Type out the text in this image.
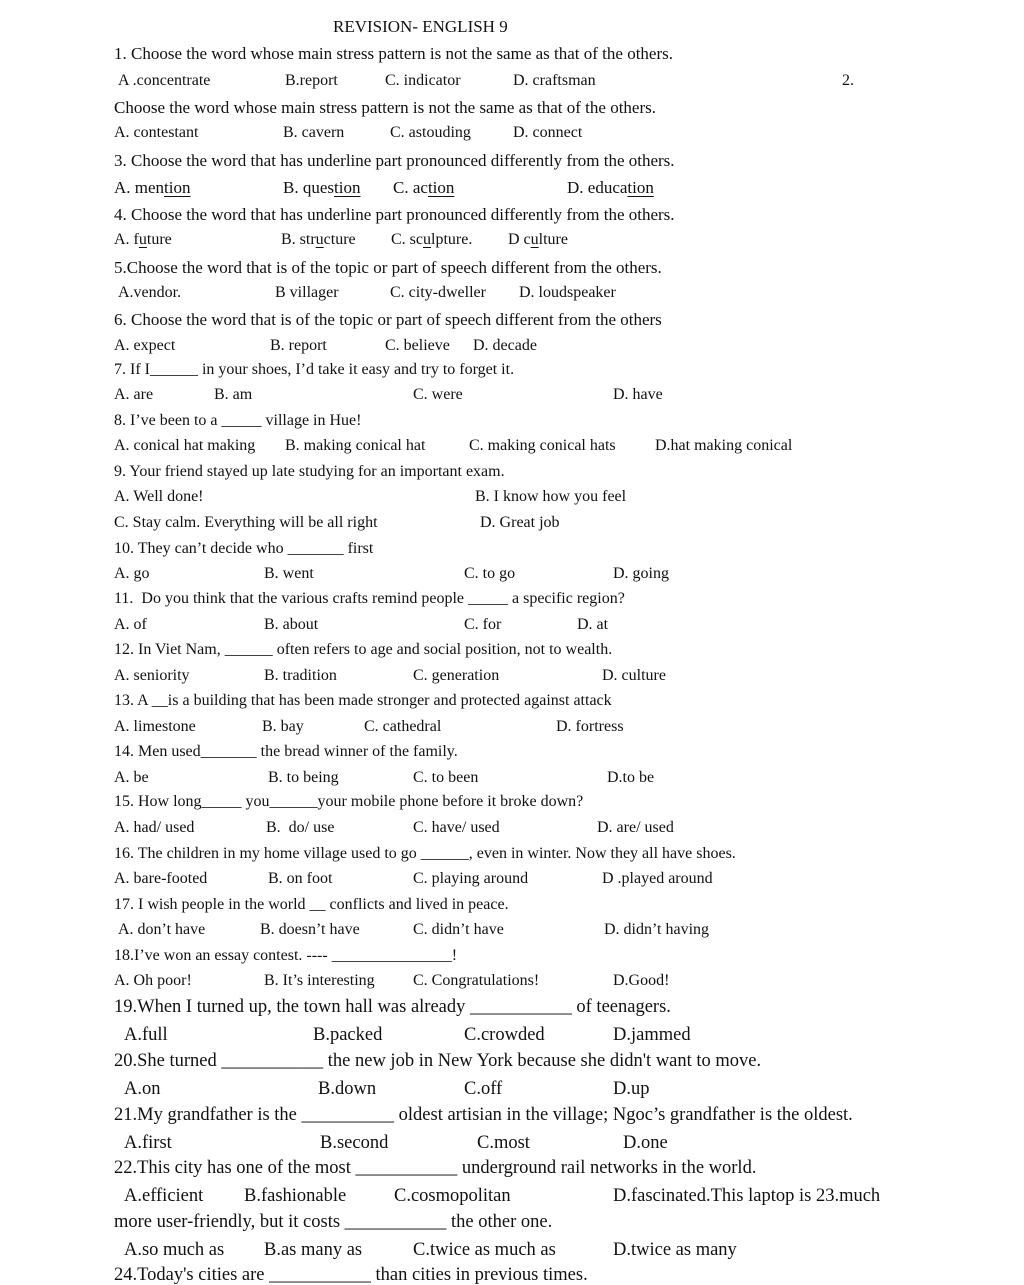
REVISION- ENGLISH 9
1. Choose the word whose main stress pattern is not the same as that of the others.
A .concentrate	B.report	C. indicator	D. craftsman	2.
Choose the word whose main stress pattern is not the same as that of the others.
A. contestant	B. cavern	C. astouding	D. connect
3. Choose the word that has underline part pronounced differently from the others.
A. mention	B. question C. action	D. education
4. Choose the word that has underline part pronounced differently from the others.
A. future	B. structure C. sculpture. D culture
5.Choose the word that is of the topic or part of speech different from the others.
A.vendor.	B villager	C. city-dweller D. loudspeaker
6. Choose the word that is of the topic or part of speech different from the others
A. expect	B. report	C. believe D. decade
7. If I______ in your shoes, I’d take it easy and try to forget it.
A. are	B. am	C. were	D. have
8. I’ve been to a _____ village in Hue!
A. conical hat making B. making conical hat	C. making conical hats D.hat making conical
9. Your friend stayed up late studying for an important exam.
A. Well done!	B. I know how you feel
C. Stay calm. Everything will be all right	D. Great job
10. They can’t decide who _______ first
A. go	B. went	C. to go	D. going
11.  Do you think that the various crafts remind people _____ a specific region?
A. of	B. about	C. for	D. at
12. In Viet Nam, ______ often refers to age and social position, not to wealth.
A. seniority	B. tradition	C. generation	D. culture
13. A __is a building that has been made stronger and protected against attack
A. limestone	B. bay	C. cathedral	D. fortress
14. Men used_______ the bread winner of the family.
A. be	B. to being	C. to been	D.to be
15. How long_____ you______your mobile phone before it broke down?
A. had/ used	B.  do/ use	C. have/ used	D. are/ used
16. The children in my home village used to go ______, even in winter. Now they all have shoes.
A. bare-footed	B. on foot	C. playing around	D .played around
17. I wish people in the world __ conflicts and lived in peace.
A. don’t have	B. doesn’t have	C. didn’t have	D. didn’t having
18.I’ve won an essay contest. ---- _______________!
A. Oh poor!	B. It’s interesting C. Congratulations!	D.Good!
19.When I turned up, the town hall was already ___________ of teenagers.
A.full	B.packed	C.crowded	D.jammed
20.She turned ___________ the new job in New York because she didn't want to move.
A.on	B.down	C.off	D.up
21.My grandfather is the __________ oldest artisian in the village; Ngoc’s grandfather is the oldest.
A.first	B.second	C.most	D.one
22.This city has one of the most ___________ underground rail networks in the world.
A.efficient B.fashionable	C.cosmopolitan	D.fascinated.This laptop is 23.much
more user-friendly, but it costs ___________ the other one.
A.so much as B.as many as	C.twice as much as	D.twice as many
24.Today's cities are ___________ than cities in previous times.
